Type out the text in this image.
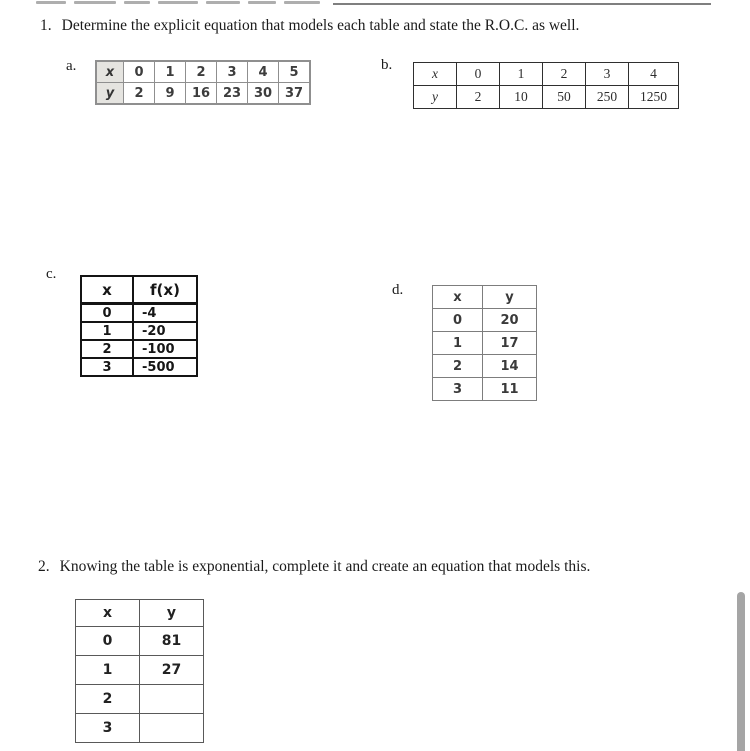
1. Determine the explicit equation that models each table and state the R.O.C. as well.
a. x	0	1	2	3	4	5
y	2	9	16	23	30	37
b.
x	0	1	2	3	4
y	2	10	50	250	1250
c.
x	f(x)
0	-4
1	-20
2	-100
3	-500
d.	x	y
0	20
1	17
2	14
3	11
2. Knowing the table is exponential, complete it and create an equation that models this.
x	y
0	81
1	27
2	
3	
